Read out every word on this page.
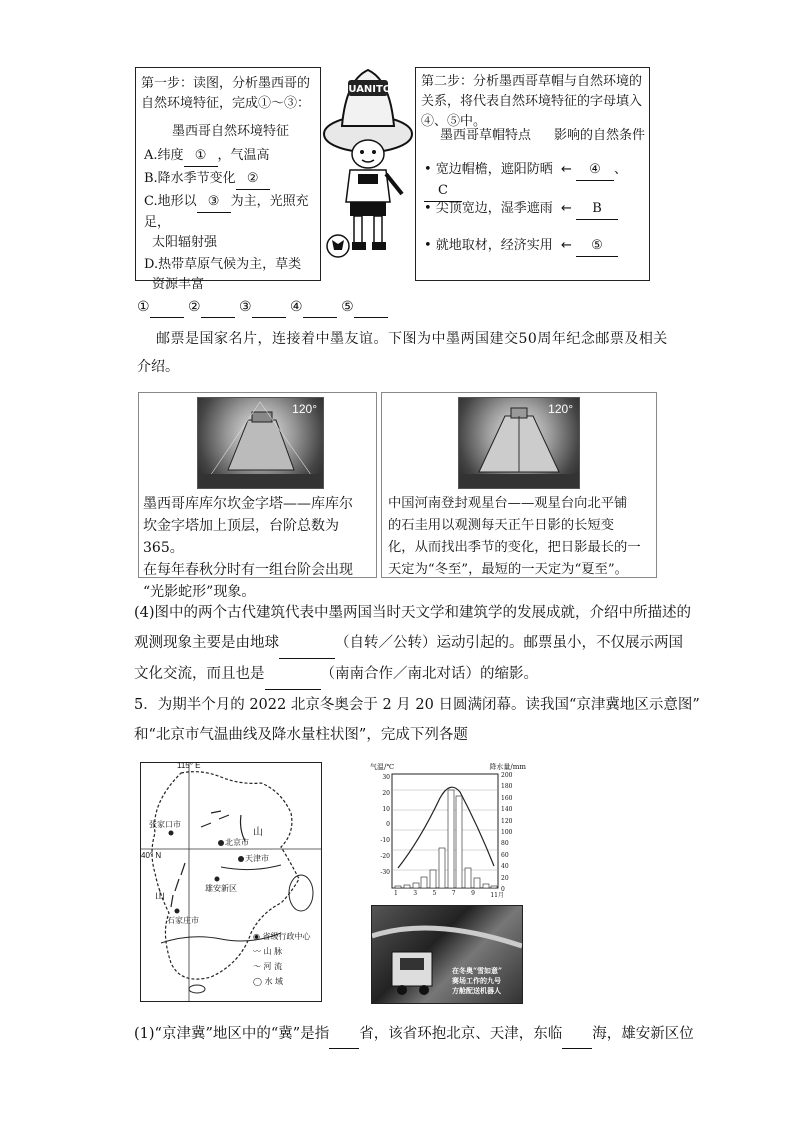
第一步：读图，分析墨西哥的
自然环境特征，完成①～③：
墨西哥自然环境特征
A.纬度 ① ，气温高
B.降水季节变化 ②
C.地形以 ③ 为主，光照充足，
太阳辐射强
D.热带草原气候为主，草类
资源丰富
JUANITO
第二步：分析墨西哥草帽与自然环境的
关系，将代表自然环境特征的字母填入
④、⑤中。
墨西哥草帽特点 影响的自然条件
• 宽边帽檐，遮阳防晒 ← ④ 、C
• 尖顶宽边，湿季遮雨 ← B
• 就地取材，经济实用 ← ⑤
①	②	③	④	⑤
邮票是国家名片，连接着中墨友谊。下图为中墨两国建交50周年纪念邮票及相关
介绍。
120°
墨西哥库库尔坎金字塔——库库尔
坎金字塔加上顶层，台阶总数为365。
在每年春秋分时有一组台阶会出现
“光影蛇形”现象。
120°
中国河南登封观星台——观星台向北平铺
的石圭用以观测每天正午日影的长短变
化，从而找出季节的变化，把日影最长的一
天定为“冬至”，最短的一天定为“夏至”。
(4)图中的两个古代建筑代表中墨两国当时天文学和建筑学的发展成就，介绍中所描述的
观测现象主要是由地球	（自转／公转）运动引起的。邮票虽小，不仅展示两国
文化交流，而且也是	（南南合作／南北对话）的缩影。
5．为期半个月的 2022 北京冬奥会于 2 月 20 日圆满闭幕。读我国“京津冀地区示意图”
和“北京市气温曲线及降水量柱状图”，完成下列各题
115° E
40° N
张家口市
北京市
天津市
雄安新区
石家庄市
山
山
◉ 省级行政中心
〰 山 脉
～ 河 流
◯ 水 域
气温/℃	降水量/mm
30
20
10
0
-10
-20
-30
200
180
160
140
120
100
80
60
40
20
0
1	3	5	7	9	11月
在冬奥“雪如意”
赛场工作的九号
方舱配送机器人
(1)“京津冀”地区中的“冀”是指 省，该省环抱北京、天津，东临 海，雄安新区位
